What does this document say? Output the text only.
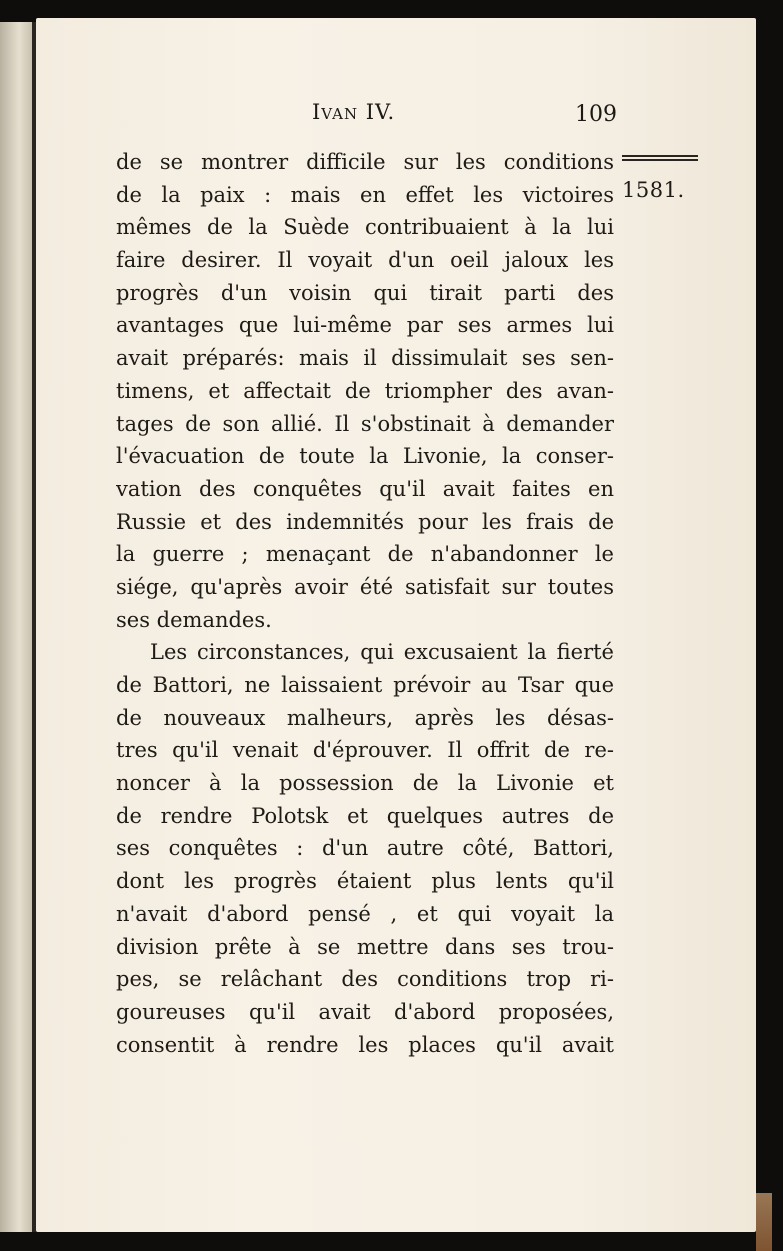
Ivan IV.	109
1581.
de se montrer difficile sur les conditions
de la paix : mais en effet les victoires
mêmes de la Suède contribuaient à la lui
faire desirer. Il voyait d'un oeil jaloux les
progrès d'un voisin qui tirait parti des
avantages que lui-même par ses armes lui
avait préparés: mais il dissimulait ses sen-
timens, et affectait de triompher des avan-
tages de son allié. Il s'obstinait à demander
l'évacuation de toute la Livonie, la conser-
vation des conquêtes qu'il avait faites en
Russie et des indemnités pour les frais de
la guerre ; menaçant de n'abandonner le
siége, qu'après avoir été satisfait sur toutes
ses demandes.
Les circonstances, qui excusaient la fierté
de Battori, ne laissaient prévoir au Tsar que
de nouveaux malheurs, après les désas-
tres qu'il venait d'éprouver. Il offrit de re-
noncer à la possession de la Livonie et
de rendre Polotsk et quelques autres de
ses conquêtes : d'un autre côté, Battori,
dont les progrès étaient plus lents qu'il
n'avait d'abord pensé , et qui voyait la
division prête à se mettre dans ses trou-
pes, se relâchant des conditions trop ri-
goureuses qu'il avait d'abord proposées,
consentit à rendre les places qu'il avait
